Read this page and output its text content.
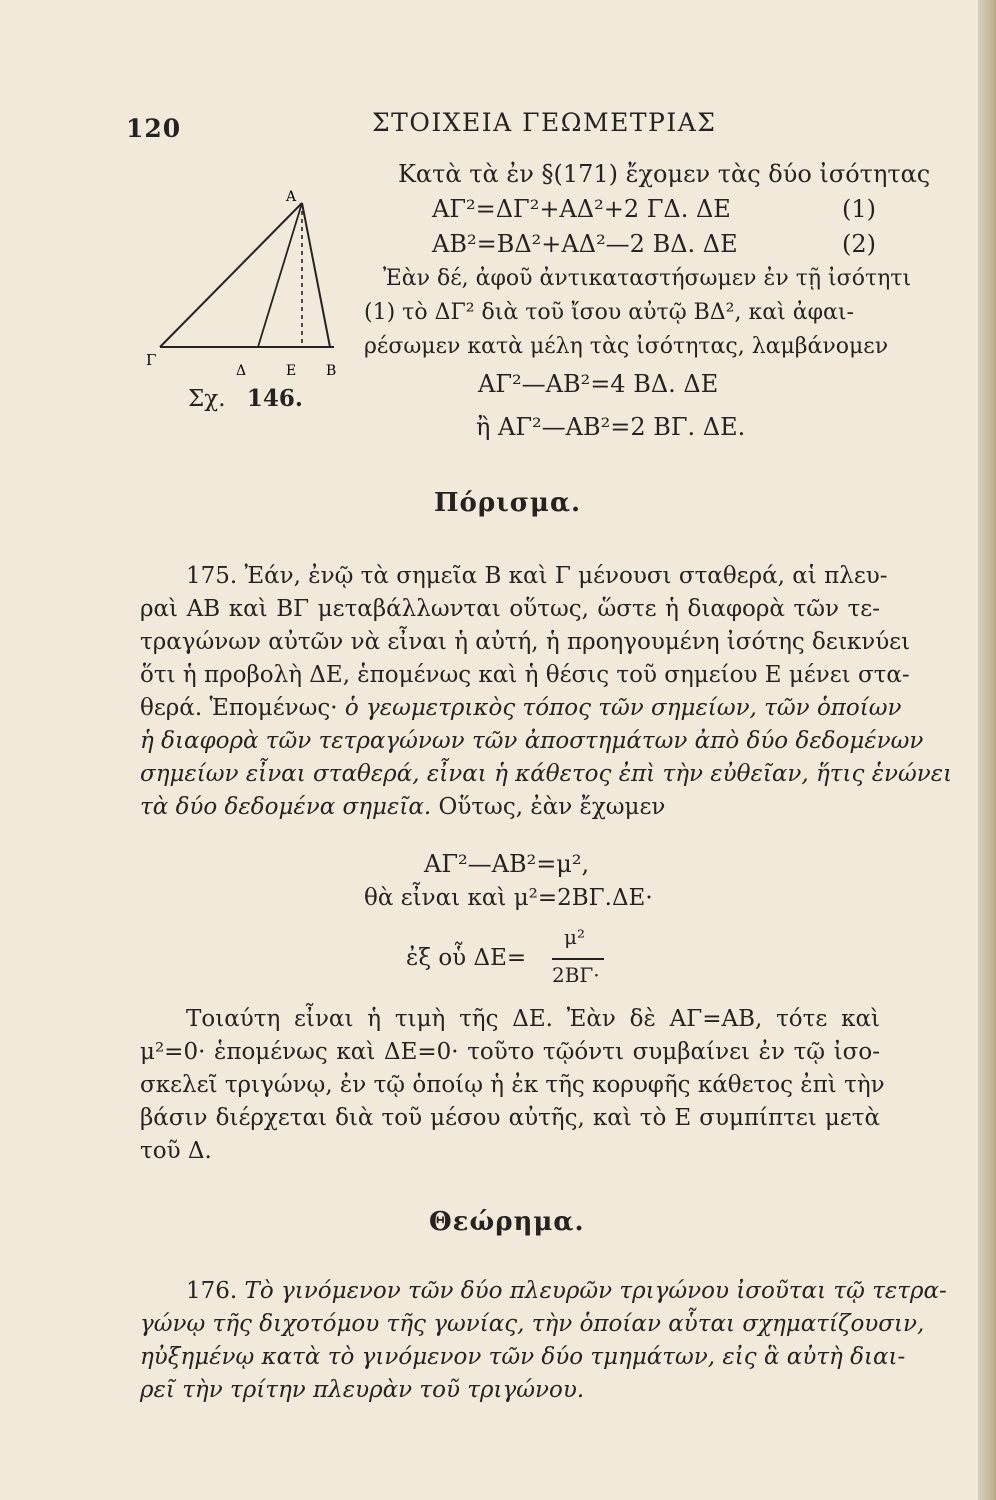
120	ΣΤΟΙΧΕΙΑ ΓΕΩΜΕΤΡΙΑΣ
Α
Γ
Δ	Ε Β
Σχ. 146.
Κατὰ τὰ ἐν §(171) ἔχομεν τὰς δύο ἰσότητας
ΑΓ²=ΔΓ²+ΑΔ²+2 ΓΔ. ΔΕ	(1)
ΑΒ²=ΒΔ²+ΑΔ²—2 ΒΔ. ΔΕ	(2)
Ἐὰν δέ, ἀφοῦ ἀντικαταστήσωμεν ἐν τῇ ἰσότητι
(1) τὸ ΔΓ² διὰ τοῦ ἴσου αὐτῷ ΒΔ², καὶ ἀφαι-
ρέσωμεν κατὰ μέλη τὰς ἰσότητας, λαμβάνομεν
ΑΓ²—ΑΒ²=4 ΒΔ. ΔΕ
ἢ ΑΓ²—ΑΒ²=2 ΒΓ. ΔΕ.
Πόρισμα.

175. Ἐάν, ἐνῷ τὰ σημεῖα Β καὶ Γ μένουσι σταθερά, αἱ πλευ-

ραὶ ΑΒ καὶ ΒΓ μεταβάλλωνται οὕτως, ὥστε ἡ διαφορὰ τῶν τε-

τραγώνων αὐτῶν νὰ εἶναι ἡ αὐτή, ἡ προηγουμένη ἰσότης δεικνύει

ὅτι ἡ προβολὴ ΔΕ, ἑπομένως καὶ ἡ θέσις τοῦ σημείου Ε μένει στα-

θερά. Ἑπομένως· ὁ γεωμετρικὸς τόπος τῶν σημείων, τῶν ὁποίων

ἡ διαφορὰ τῶν τετραγώνων τῶν ἀποστημάτων ἀπὸ δύο δεδομένων

σημείων εἶναι σταθερά, εἶναι ἡ κάθετος ἐπὶ τὴν εὐθεῖαν, ἥτις ἑνώνει

τὰ δύο δεδομένα σημεῖα. Οὕτως, ἐὰν ἔχωμεν

ΑΓ²—ΑΒ²=μ²,
θὰ εἶναι καὶ μ²=2ΒΓ.ΔΕ·
ἐξ οὗ ΔΕ=
μ²
2ΒΓ·

Τοιαύτη εἶναι ἡ τιμὴ τῆς ΔΕ. Ἐὰν δὲ ΑΓ=ΑΒ, τότε καὶ

μ²=0· ἑπομένως καὶ ΔΕ=0· τοῦτο τῷόντι συμβαίνει ἐν τῷ ἰσο-

σκελεῖ τριγώνῳ, ἐν τῷ ὁποίῳ ἡ ἐκ τῆς κορυφῆς κάθετος ἐπὶ τὴν

βάσιν διέρχεται διὰ τοῦ μέσου αὐτῆς, καὶ τὸ Ε συμπίπτει μετὰ

τοῦ Δ.

Θεώρημα.

176. Τὸ γινόμενον τῶν δύο πλευρῶν τριγώνου ἰσοῦται τῷ τετρα-

γώνῳ τῆς διχοτόμου τῆς γωνίας, τὴν ὁποίαν αὗται σχηματίζουσιν,

ηὐξημένῳ κατὰ τὸ γινόμενον τῶν δύο τμημάτων, εἰς ἃ αὐτὴ διαι-

ρεῖ τὴν τρίτην πλευρὰν τοῦ τριγώνου.
